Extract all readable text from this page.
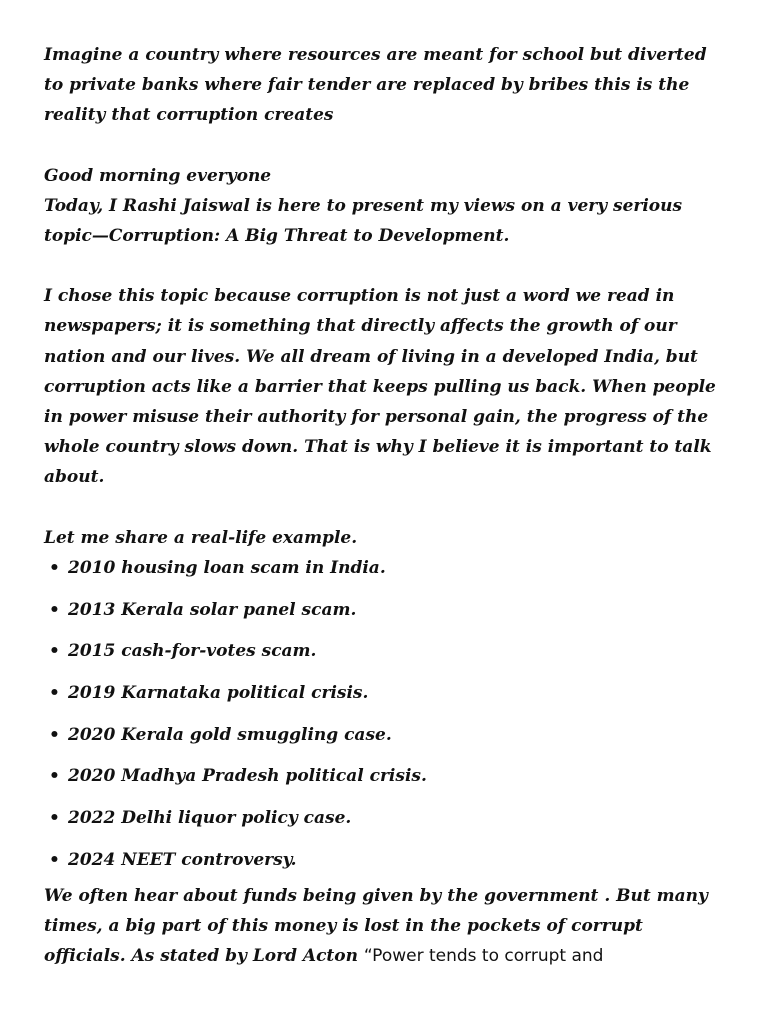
Imagine a country where resources are meant for school but diverted to private banks where fair tender are replaced by bribes this is the reality that corruption creates

Good morning everyone

Today, I Rashi Jaiswal is here to present my views on a very serious topic—Corruption: A Big Threat to Development.

I chose this topic because corruption is not just a word we read in newspapers; it is something that directly affects the growth of our nation and our lives. We all dream of living in a developed India, but corruption acts like a barrier that keeps pulling us back. When people in power misuse their authority for personal gain, the progress of the whole country slows down. That is why I believe it is important to talk about.

Let me share a real-life example.

• 2010 housing loan scam in India.
• 2013 Kerala solar panel scam.
• 2015 cash-for-votes scam.
• 2019 Karnataka political crisis.
• 2020 Kerala gold smuggling case.
• 2020 Madhya Pradesh political crisis.
• 2022 Delhi liquor policy case.
• 2024 NEET controversy.

We often hear about funds being given by the government . But many times, a big part of this money is lost in the pockets of corrupt officials. As stated by Lord Acton “Power tends to corrupt and
